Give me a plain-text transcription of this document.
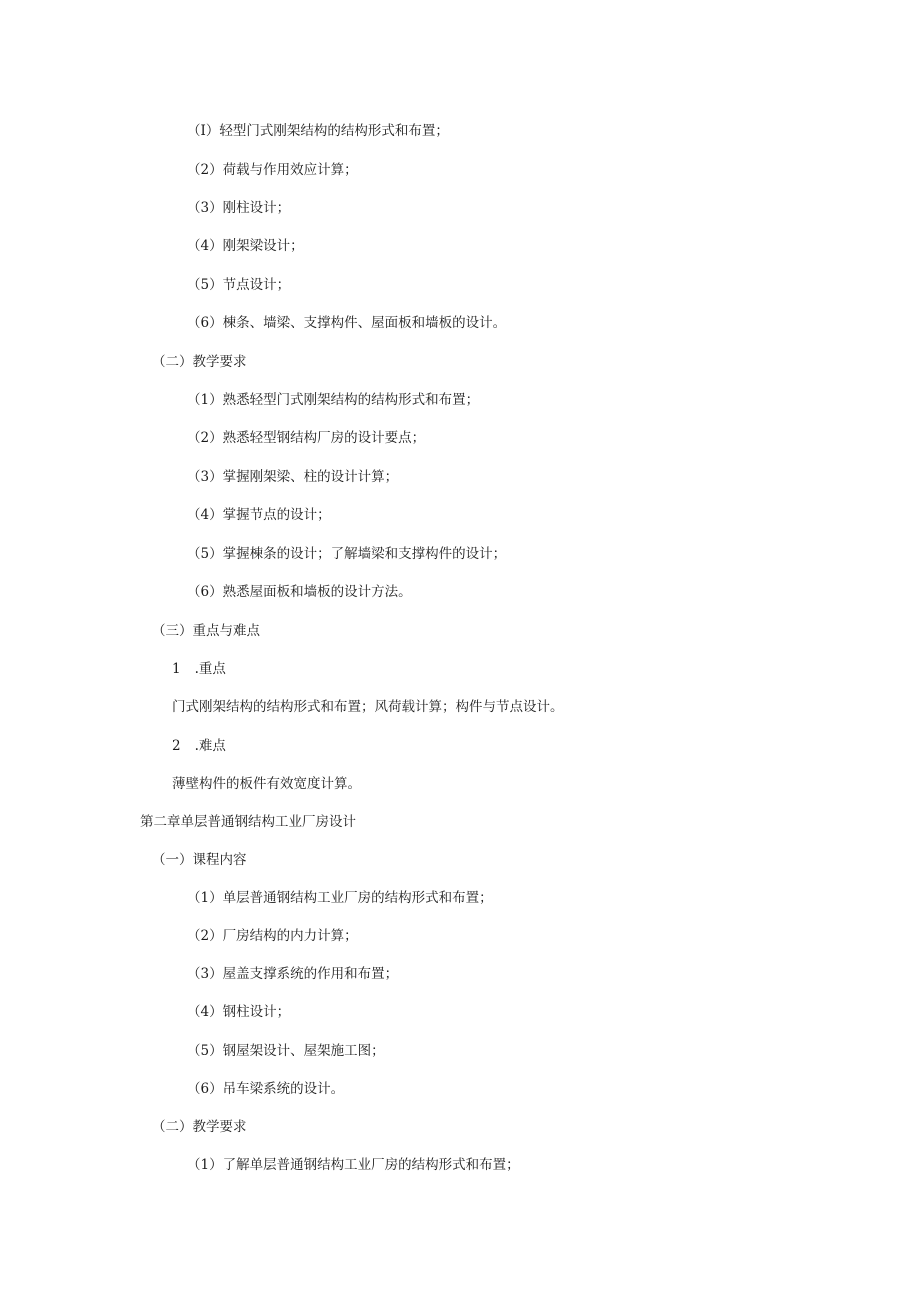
（I）轻型门式刚架结构的结构形式和布置；
（2）荷载与作用效应计算；
（3）刚柱设计；
（4）刚架梁设计；
（5）节点设计；
（6）棟条、墙梁、支撑构件、屋面板和墙板的设计。
（二）教学要求
（1）熟悉轻型门式刚架结构的结构形式和布置；
（2）熟悉轻型钢结构厂房的设计要点；
（3）掌握刚架梁、柱的设计计算；
（4）掌握节点的设计；
（5）掌握棟条的设计；了解墙梁和支撑构件的设计；
（6）熟悉屋面板和墙板的设计方法。
（三）重点与难点
1 .重点
门式刚架结构的结构形式和布置；风荷载计算；构件与节点设计。
2 .难点
薄壁构件的板件有效宽度计算。
第二章单层普通钢结构工业厂房设计
（一）课程内容
（1）单层普通钢结构工业厂房的结构形式和布置；
（2）厂房结构的内力计算；
（3）屋盖支撑系统的作用和布置；
（4）钢柱设计；
（5）钢屋架设计、屋架施工图；
（6）吊车梁系统的设计。
（二）教学要求
（1）了解单层普通钢结构工业厂房的结构形式和布置；
